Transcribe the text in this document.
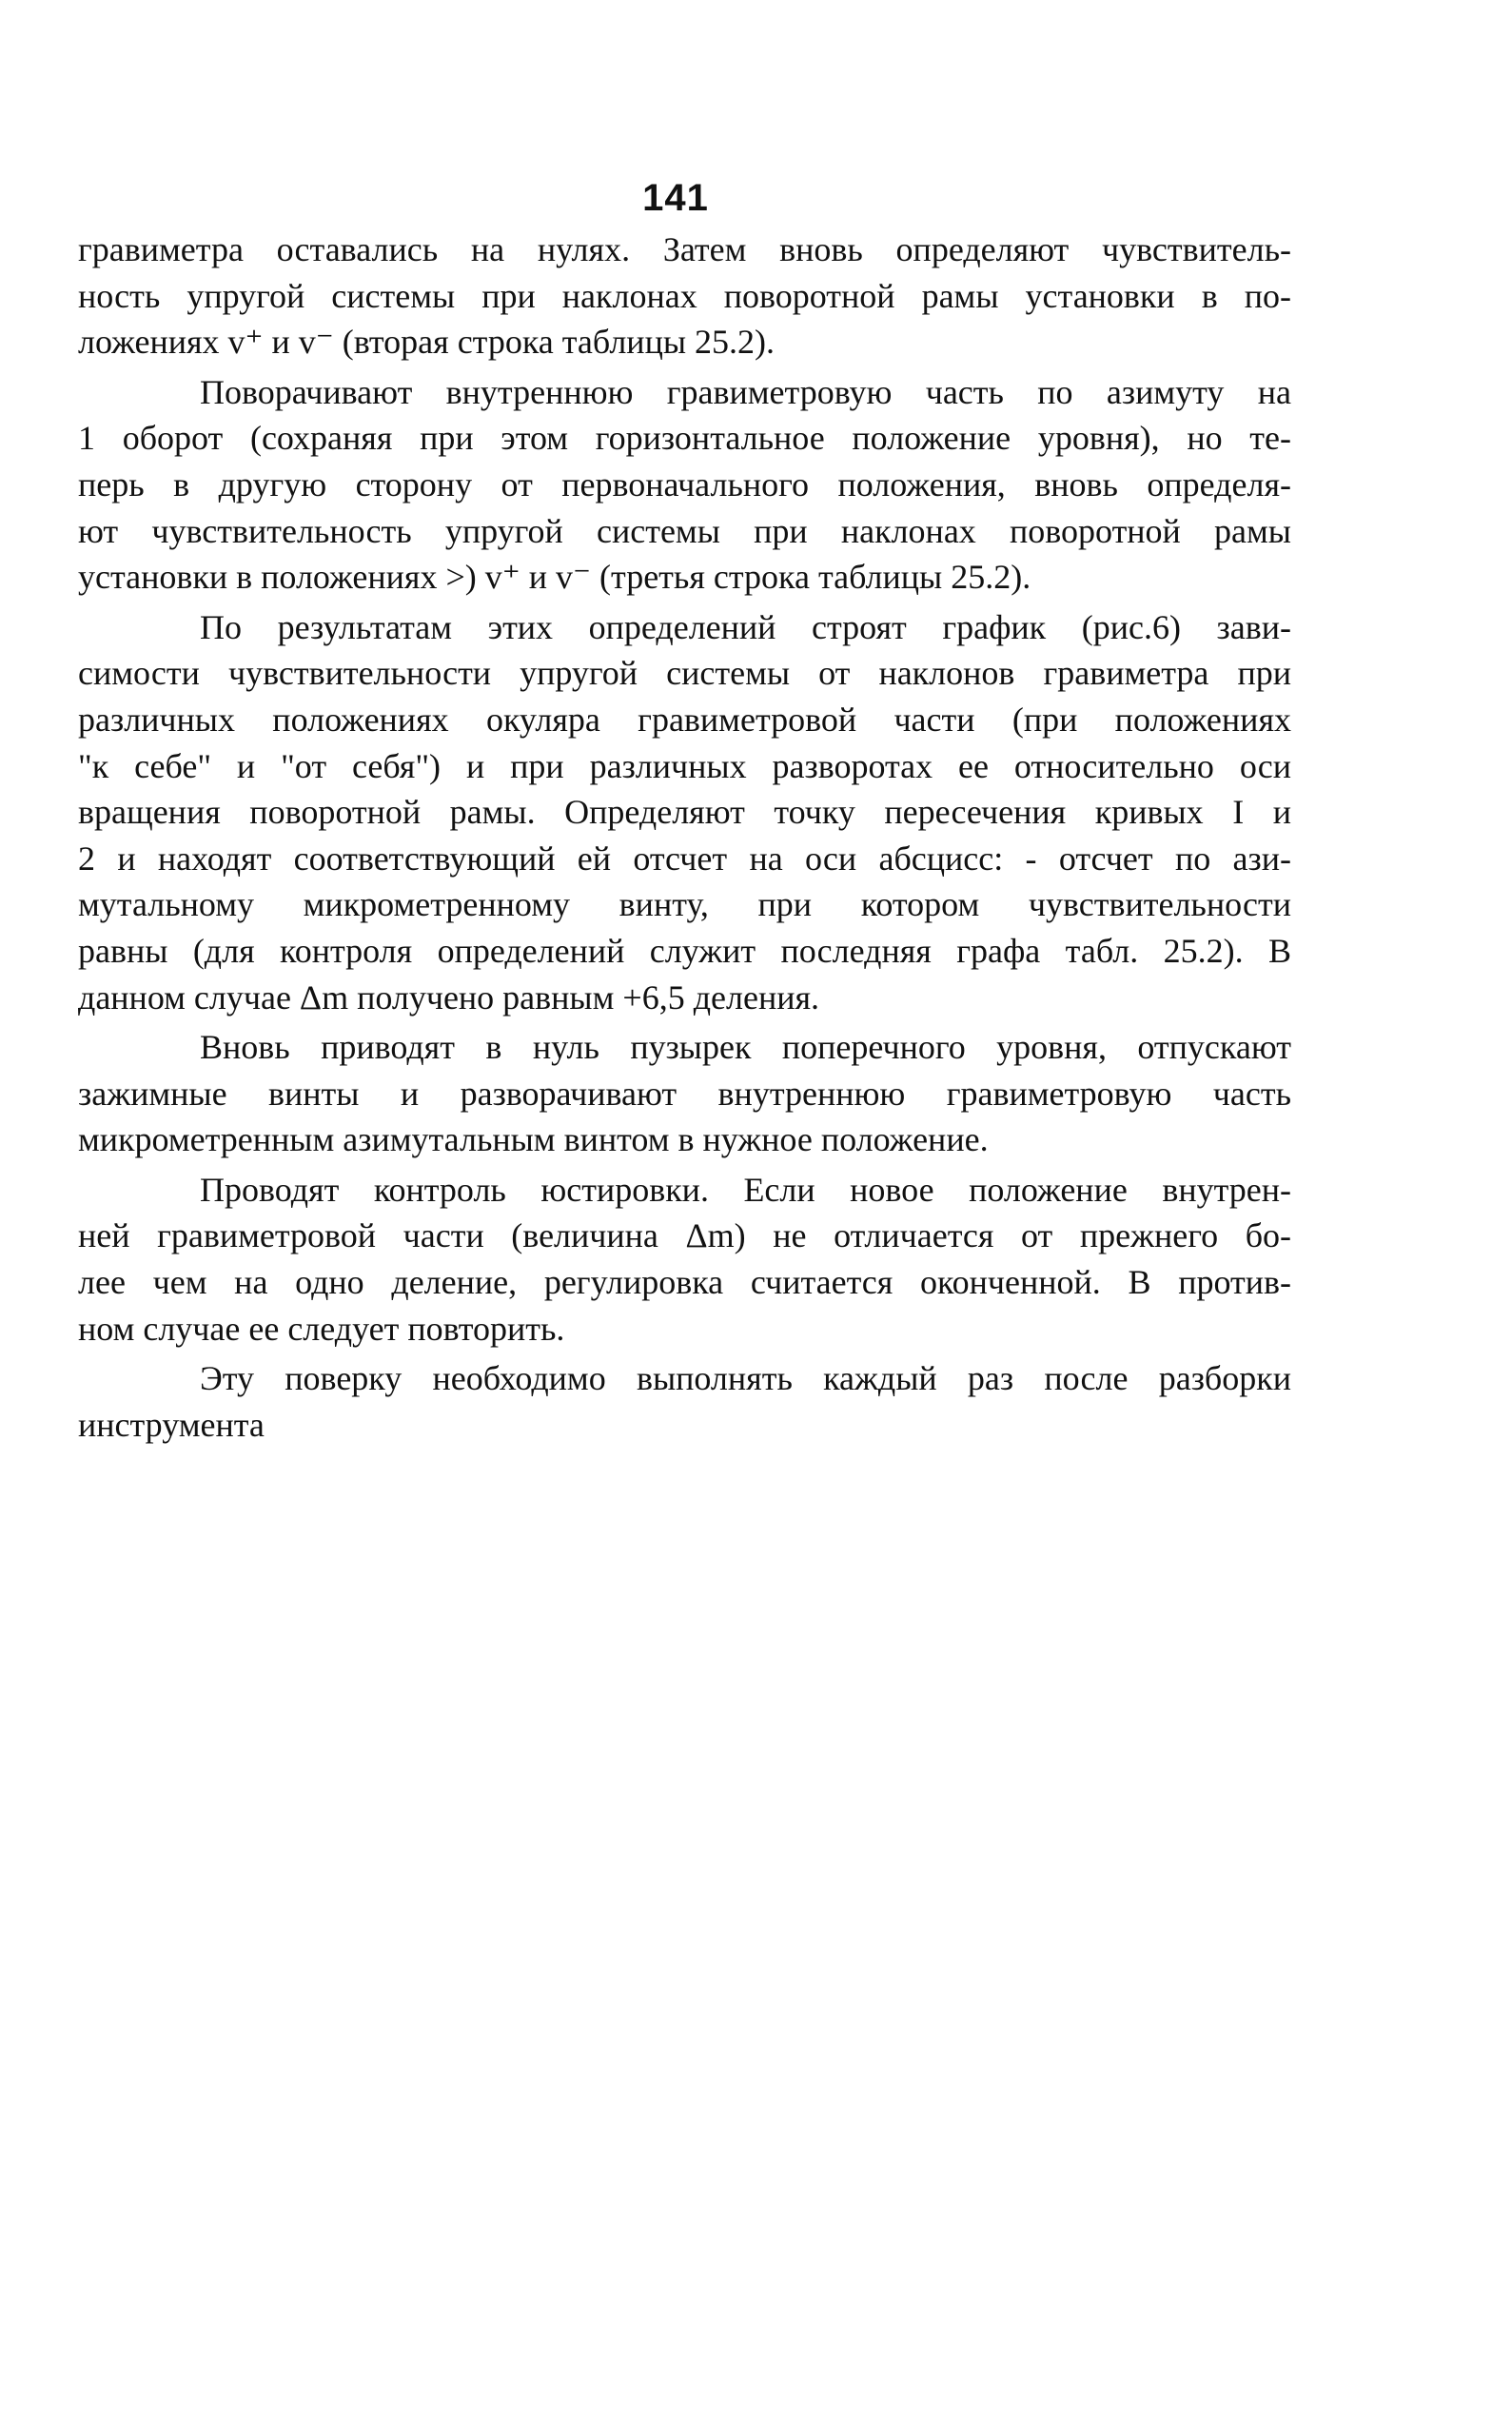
141

гравиметра оставались на нулях. Затем вновь определяют чувствитель-
ность упругой системы при наклонах поворотной рамы установки в по-
ложениях v⁺ и v⁻ (вторая строка таблицы 25.2).

Поворачивают внутреннюю гравиметровую часть по азимуту на
1 оборот (сохраняя при этом горизонтальное положение уровня), но те-
перь в другую сторону от первоначального положения, вновь определя-
ют чувствительность упругой системы при наклонах поворотной рамы
установки в положениях >) v⁺ и v⁻ (третья строка таблицы 25.2).

По результатам этих определений строят график (рис.6) зави-
симости чувствительности упругой системы от наклонов гравиметра при
различных положениях окуляра гравиметровой части (при положениях
"к себе" и "от себя") и при различных разворотах ее относительно оси
вращения поворотной рамы. Определяют точку пересечения кривых I и
2 и находят соответствующий ей отсчет на оси абсцисс: - отсчет по ази-
мутальному микрометренному винту, при котором чувствительности
равны (для контроля определений служит последняя графа табл. 25.2). В
данном случае Δm получено равным +6,5 деления.

Вновь приводят в нуль пузырек поперечного уровня, отпускают
зажимные винты и разворачивают внутреннюю гравиметровую часть
микрометренным азимутальным винтом в нужное положение.

Проводят контроль юстировки. Если новое положение внутрен-
ней гравиметровой части (величина Δm) не отличается от прежнего бо-
лее чем на одно деление, регулировка считается оконченной. В против-
ном случае ее следует повторить.

Эту поверку необходимо выполнять каждый раз после разборки
инструмента
